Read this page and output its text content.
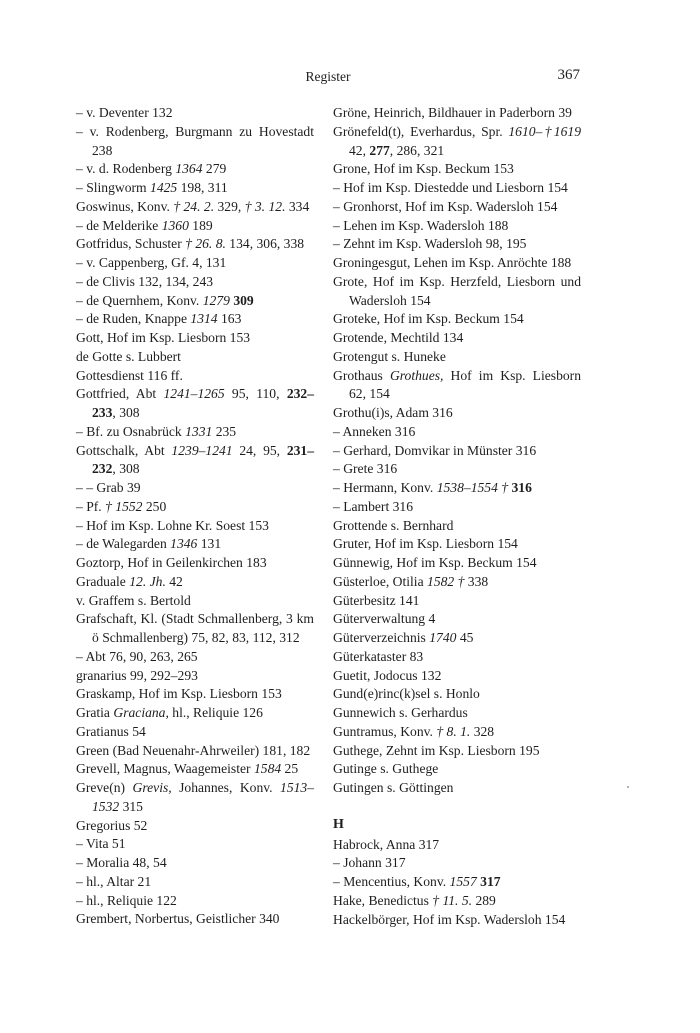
Register	367
– v. Deventer 132
– v. Rodenberg, Burgmann zu Hovestadt 238
– v. d. Rodenberg 1364 279
– Slingworm 1425 198, 311
Goswinus, Konv. † 24. 2. 329, † 3. 12. 334
– de Melderike 1360 189
Gotfridus, Schuster † 26. 8. 134, 306, 338
– v. Cappenberg, Gf. 4, 131
– de Clivis 132, 134, 243
– de Quernhem, Konv. 1279 309
– de Ruden, Knappe 1314 163
Gott, Hof im Ksp. Liesborn 153
de Gotte s. Lubbert
Gottesdienst 116 ff.
Gottfried, Abt 1241–1265 95, 110, 232–233, 308
– Bf. zu Osnabrück 1331 235
Gottschalk, Abt 1239–1241 24, 95, 231–232, 308
– – Grab 39
– Pf. † 1552 250
– Hof im Ksp. Lohne Kr. Soest 153
– de Walegarden 1346 131
Goztorp, Hof in Geilenkirchen 183
Graduale 12. Jh. 42
v. Graffem s. Bertold
Grafschaft, Kl. (Stadt Schmallenberg, 3 km ö Schmallenberg) 75, 82, 83, 112, 312
– Abt 76, 90, 263, 265
granarius 99, 292–293
Graskamp, Hof im Ksp. Liesborn 153
Gratia Graciana, hl., Reliquie 126
Gratianus 54
Green (Bad Neuenahr-Ahrweiler) 181, 182
Grevell, Magnus, Waagemeister 1584 25
Greve(n) Grevis, Johannes, Konv. 1513–1532 315
Gregorius 52
– Vita 51
– Moralia 48, 54
– hl., Altar 21
– hl., Reliquie 122
Grembert, Norbertus, Geistlicher 340
Gröne, Heinrich, Bildhauer in Paderborn 39
Grönefeld(t), Everhardus, Spr. 1610–†1619 42, 277, 286, 321
Grone, Hof im Ksp. Beckum 153
– Hof im Ksp. Diestedde und Liesborn 154
– Gronhorst, Hof im Ksp. Wadersloh 154
– Lehen im Ksp. Wadersloh 188
– Zehnt im Ksp. Wadersloh 98, 195
Groningesgut, Lehen im Ksp. Anröchte 188
Grote, Hof im Ksp. Herzfeld, Liesborn und Wadersloh 154
Groteke, Hof im Ksp. Beckum 154
Grotende, Mechtild 134
Grotengut s. Huneke
Grothaus Grothues, Hof im Ksp. Liesborn 62, 154
Grothu(i)s, Adam 316
– Anneken 316
– Gerhard, Domvikar in Münster 316
– Grete 316
– Hermann, Konv. 1538–1554 † 316
– Lambert 316
Grottende s. Bernhard
Gruter, Hof im Ksp. Liesborn 154
Günnewig, Hof im Ksp. Beckum 154
Güsterloe, Otilia 1582 † 338
Güterbesitz 141
Güterverwaltung 4
Güterverzeichnis 1740 45
Güterkataster 83
Guetit, Jodocus 132
Gund(e)rinc(k)sel s. Honlo
Gunnewich s. Gerhardus
Guntramus, Konv. † 8. 1. 328
Guthege, Zehnt im Ksp. Liesborn 195
Gutinge s. Guthege
Gutingen s. Göttingen
H
Habrock, Anna 317
– Johann 317
– Mencentius, Konv. 1557 317
Hake, Benedictus † 11. 5. 289
Hackelbörger, Hof im Ksp. Wadersloh 154
